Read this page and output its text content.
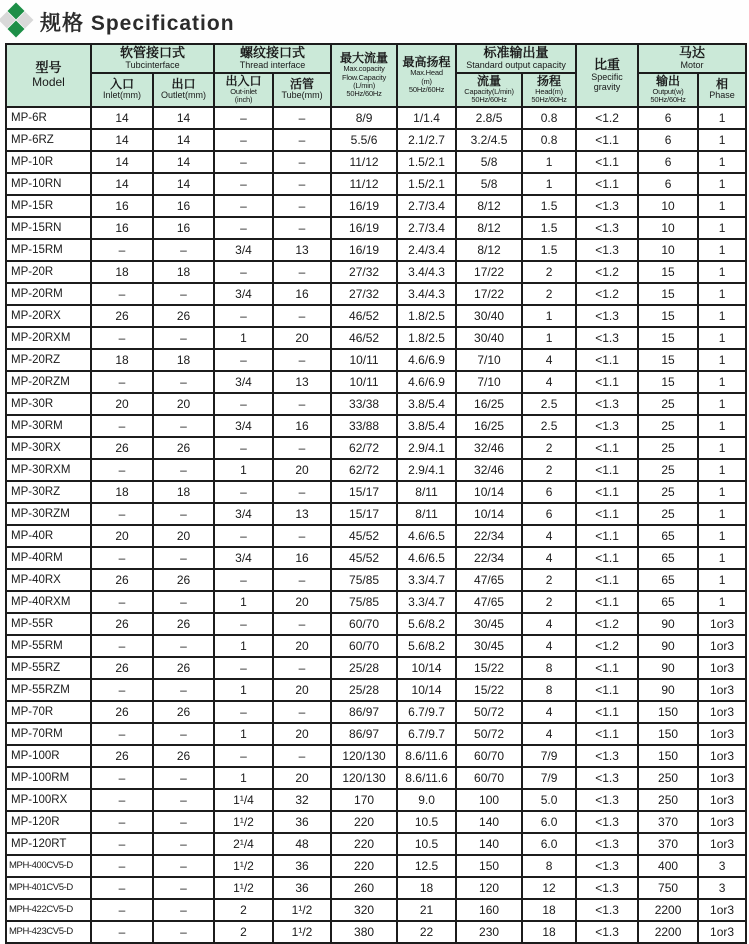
规格 Specification
型号
Model	软管接口式
Tubcinterface		螺纹接口式
Thread interface		最大流量
Max.copacity
Flow.Capacity
(L/min)
50Hz/60Hz	最高扬程
Max.Head
(m)
50Hz/60Hz	标准输出量
Standard output capacity		比重
Specific
gravity	马达
Motor	

	入口
Inlet(mm)	出口
Outlet(mm)	出入口
Out-inlet
(inch)	活管
Tube(mm)			流量
Capacity(L/min)
50Hz/60Hz	扬程
Head(m)
50Hz/60Hz		输出
Output(w)
50Hz/60Hz	相
Phase

MP-6R	14	14	–	–	8/9	1/1.4	2.8/5	0.8	<1.2	6	1
MP-6RZ	14	14	–	–	5.5/6	2.1/2.7	3.2/4.5	0.8	<1.1	6	1
MP-10R	14	14	–	–	11/12	1.5/2.1	5/8	1	<1.1	6	1
MP-10RN	14	14	–	–	11/12	1.5/2.1	5/8	1	<1.1	6	1
MP-15R	16	16	–	–	16/19	2.7/3.4	8/12	1.5	<1.3	10	1
MP-15RN	16	16	–	–	16/19	2.7/3.4	8/12	1.5	<1.3	10	1
MP-15RM	–	–	3/4	13	16/19	2.4/3.4	8/12	1.5	<1.3	10	1
MP-20R	18	18	–	–	27/32	3.4/4.3	17/22	2	<1.2	15	1
MP-20RM	–	–	3/4	16	27/32	3.4/4.3	17/22	2	<1.2	15	1
MP-20RX	26	26	–	–	46/52	1.8/2.5	30/40	1	<1.3	15	1
MP-20RXM	–	–	1	20	46/52	1.8/2.5	30/40	1	<1.3	15	1
MP-20RZ	18	18	–	–	10/11	4.6/6.9	7/10	4	<1.1	15	1
MP-20RZM	–	–	3/4	13	10/11	4.6/6.9	7/10	4	<1.1	15	1
MP-30R	20	20	–	–	33/38	3.8/5.4	16/25	2.5	<1.3	25	1
MP-30RM	–	–	3/4	16	33/88	3.8/5.4	16/25	2.5	<1.3	25	1
MP-30RX	26	26	–	–	62/72	2.9/4.1	32/46	2	<1.1	25	1
MP-30RXM	–	–	1	20	62/72	2.9/4.1	32/46	2	<1.1	25	1
MP-30RZ	18	18	–	–	15/17	8/11	10/14	6	<1.1	25	1
MP-30RZM	–	–	3/4	13	15/17	8/11	10/14	6	<1.1	25	1
MP-40R	20	20	–	–	45/52	4.6/6.5	22/34	4	<1.1	65	1
MP-40RM	–	–	3/4	16	45/52	4.6/6.5	22/34	4	<1.1	65	1
MP-40RX	26	26	–	–	75/85	3.3/4.7	47/65	2	<1.1	65	1
MP-40RXM	–	–	1	20	75/85	3.3/4.7	47/65	2	<1.1	65	1
MP-55R	26	26	–	–	60/70	5.6/8.2	30/45	4	<1.2	90	1or3
MP-55RM	–	–	1	20	60/70	5.6/8.2	30/45	4	<1.2	90	1or3
MP-55RZ	26	26	–	–	25/28	10/14	15/22	8	<1.1	90	1or3
MP-55RZM	–	–	1	20	25/28	10/14	15/22	8	<1.1	90	1or3
MP-70R	26	26	–	–	86/97	6.7/9.7	50/72	4	<1.1	150	1or3
MP-70RM	–	–	1	20	86/97	6.7/9.7	50/72	4	<1.1	150	1or3
MP-100R	26	26	–	–	120/130	8.6/11.6	60/70	7/9	<1.3	150	1or3
MP-100RM	–	–	1	20	120/130	8.6/11.6	60/70	7/9	<1.3	250	1or3
MP-100RX	–	–	1¹/4	32	170	9.0	100	5.0	<1.3	250	1or3
MP-120R	–	–	1¹/2	36	220	10.5	140	6.0	<1.3	370	1or3
MP-120RT	–	–	2¹/4	48	220	10.5	140	6.0	<1.3	370	1or3
MPH-400CV5-D	–	–	1¹/2	36	220	12.5	150	8	<1.3	400	3
MPH-401CV5-D	–	–	1¹/2	36	260	18	120	12	<1.3	750	3
MPH-422CV5-D	–	–	2	1¹/2	320	21	160	18	<1.3	2200	1or3
MPH-423CV5-D	–	–	2	1¹/2	380	22	230	18	<1.3	2200	1or3
